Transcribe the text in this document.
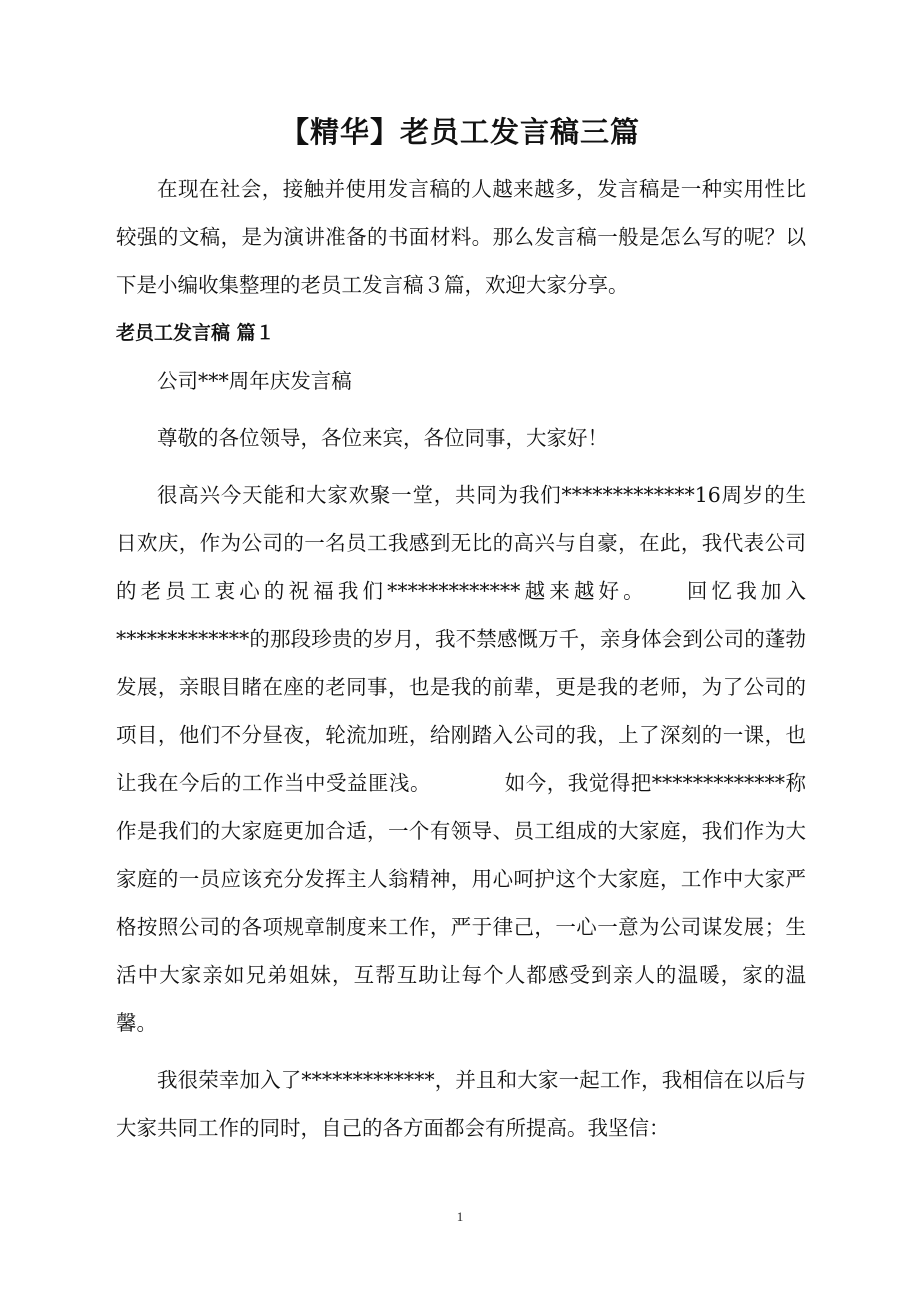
【精华】老员工发言稿三篇

在现在社会，接触并使用发言稿的人越来越多，发言稿是一种实用性比较强的文稿，是为演讲准备的书面材料。那么发言稿一般是怎么写的呢？以下是小编收集整理的老员工发言稿３篇，欢迎大家分享。

老员工发言稿 篇１

公司***周年庆发言稿

尊敬的各位领导，各位来宾，各位同事，大家好！

很高兴今天能和大家欢聚一堂，共同为我们*************16周岁的生日欢庆，作为公司的一名员工我感到无比的高兴与自豪，在此，我代表公司的老员工衷心的祝福我们*************越来越好。　　回忆我加入*************的那段珍贵的岁月，我不禁感慨万千，亲身体会到公司的蓬勃发展，亲眼目睹在座的老同事，也是我的前辈，更是我的老师，为了公司的项目，他们不分昼夜，轮流加班，给刚踏入公司的我，上了深刻的一课，也让我在今后的工作当中受益匪浅。　　　　如今，我觉得把*************称作是我们的大家庭更加合适，一个有领导、员工组成的大家庭，我们作为大家庭的一员应该充分发挥主人翁精神，用心呵护这个大家庭，工作中大家严格按照公司的各项规章制度来工作，严于律己，一心一意为公司谋发展；生活中大家亲如兄弟姐妹，互帮互助让每个人都感受到亲人的温暖，家的温馨。

我很荣幸加入了*************，并且和大家一起工作，我相信在以后与大家共同工作的同时，自己的各方面都会有所提高。我坚信：

1
